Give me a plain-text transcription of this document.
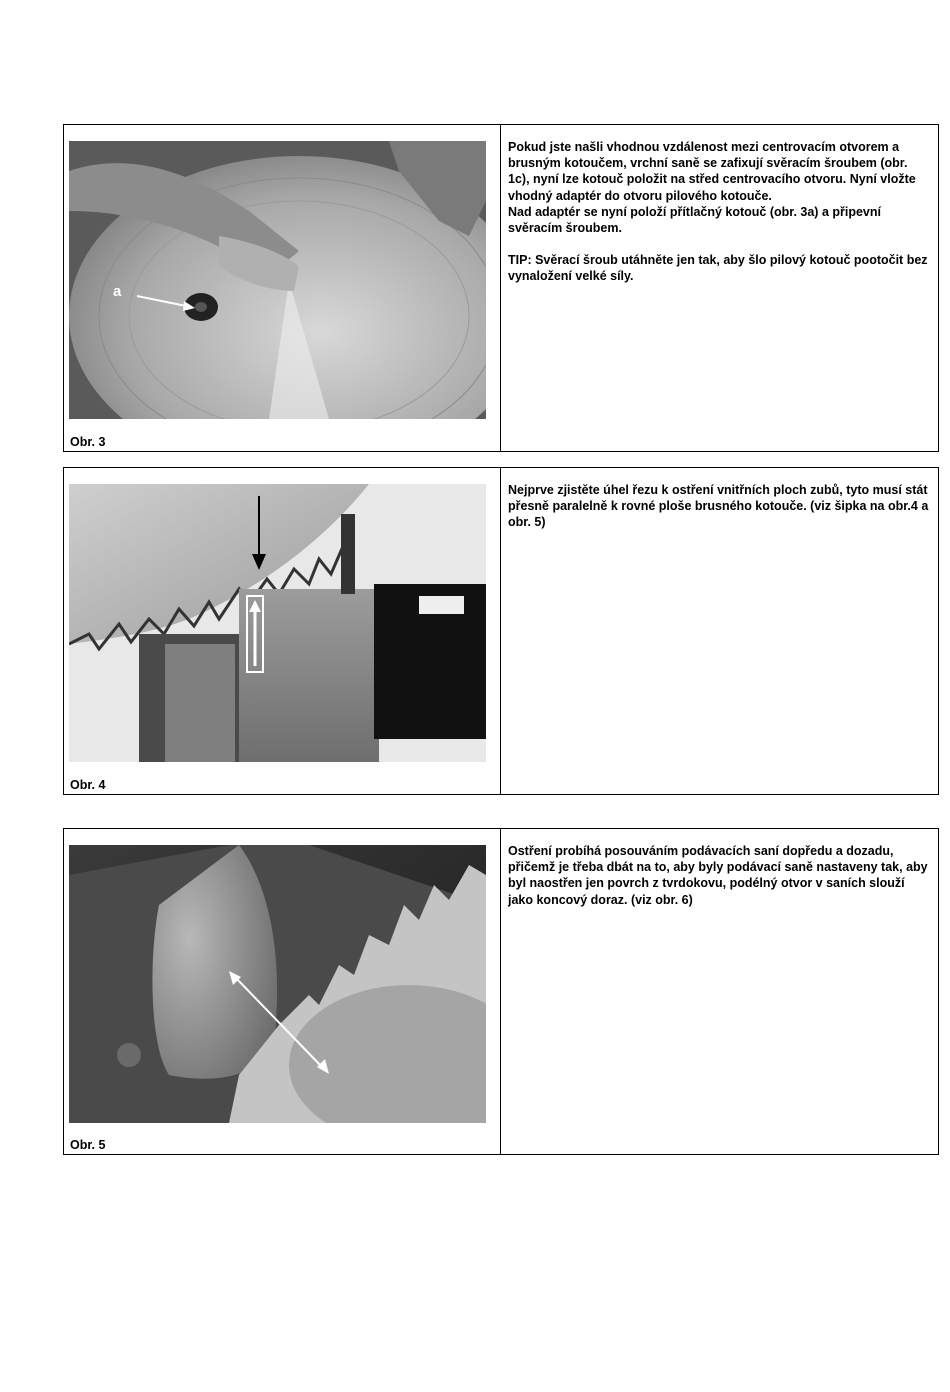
a
Obr. 3

Pokud jste našli vhodnou vzdálenost mezi centrovacím otvorem a brusným kotoučem, vrchní saně se zafixují svěracím šroubem (obr. 1c), nyní lze kotouč položit na střed centrovacího otvoru. Nyní vložte vhodný adaptér do otvoru pilového kotouče.
Nad adaptér se nyní položí přítlačný kotouč (obr. 3a) a připevní svěracím šroubem.

TIP: Svěrací šroub utáhněte jen tak, aby šlo pilový kotouč pootočit bez vynaložení velké síly.

Obr. 4

Nejprve zjistěte úhel řezu k ostření vnitřních ploch zubů, tyto musí stát přesně paralelně k rovné ploše brusného kotouče. (viz šipka na obr.4 a obr. 5)

Obr. 5

Ostření probíhá posouváním podávacích saní dopředu a dozadu, přičemž je třeba dbát na to, aby byly podávací saně nastaveny tak, aby byl naostřen jen povrch z tvrdokovu, podélný otvor v saních slouží jako koncový doraz. (viz obr. 6)
